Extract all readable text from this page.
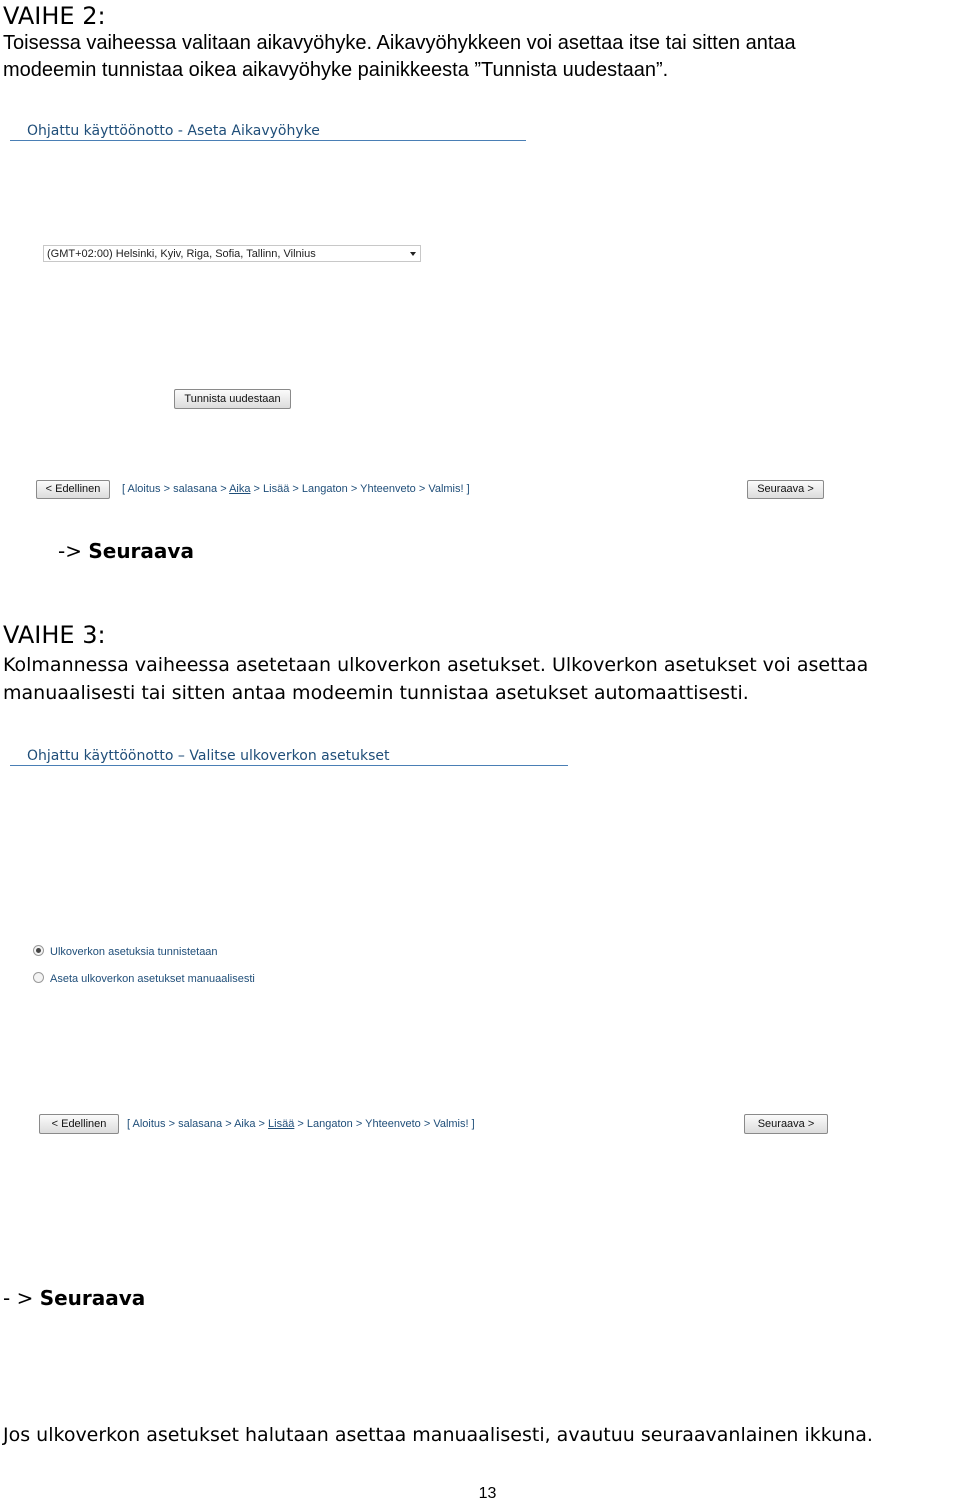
VAIHE 2:
Toisessa vaiheessa valitaan aikavyöhyke. Aikavyöhykkeen voi asettaa itse tai sitten antaa
modeemin tunnistaa oikea aikavyöhyke painikkeesta ”Tunnista uudestaan”.
Ohjattu käyttöönotto - Aseta Aikavyöhyke
(GMT+02:00) Helsinki, Kyiv, Riga, Sofia, Tallinn, Vilnius
Tunnista uudestaan
< Edellinen	[ Aloitus > salasana > Aika > Lisää > Langaton > Yhteenveto > Valmis! ]	Seuraava >
-> Seuraava
VAIHE 3:
Kolmannessa vaiheessa asetetaan ulkoverkon asetukset. Ulkoverkon asetukset voi asettaa
manuaalisesti tai sitten antaa modeemin tunnistaa asetukset automaattisesti.
Ohjattu käyttöönotto – Valitse ulkoverkon asetukset
Ulkoverkon asetuksia tunnistetaan
Aseta ulkoverkon asetukset manuaalisesti
< Edellinen	[ Aloitus > salasana > Aika > Lisää > Langaton > Yhteenveto > Valmis! ]	Seuraava >
- > Seuraava
Jos ulkoverkon asetukset halutaan asettaa manuaalisesti, avautuu seuraavanlainen ikkuna.
13
